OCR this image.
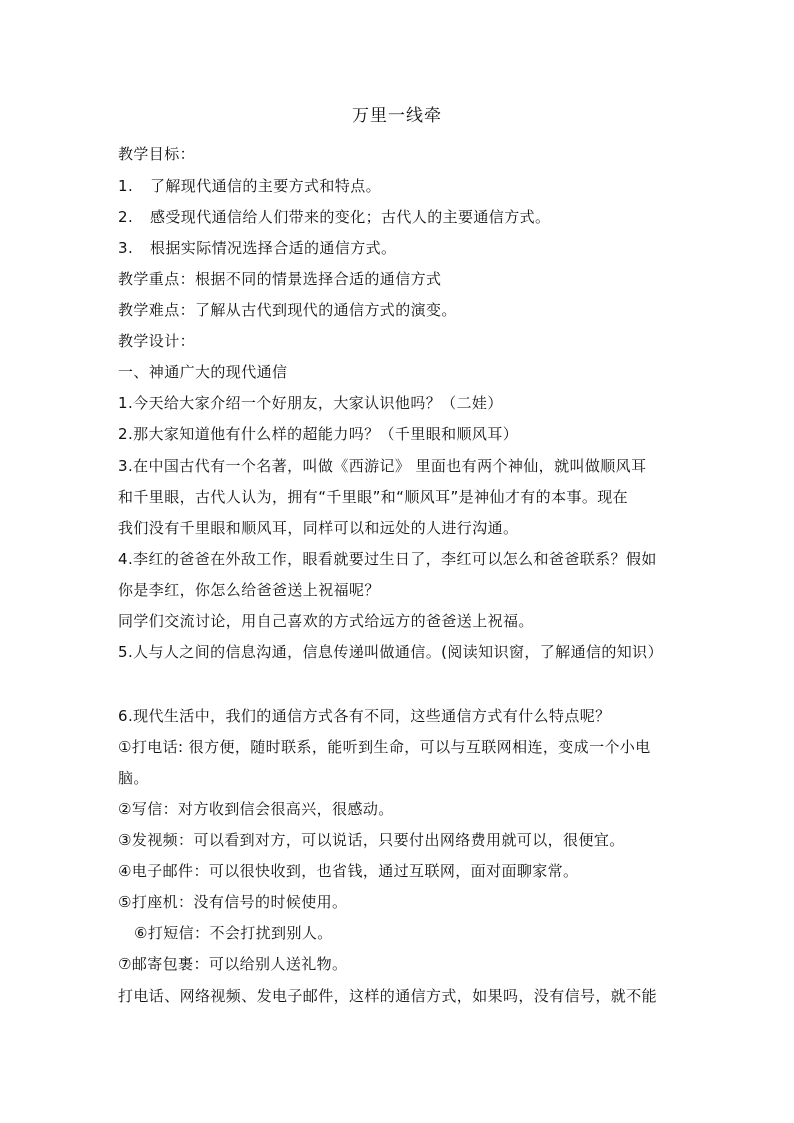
万里一线牵
教学目标：
1. 了解现代通信的主要方式和特点。
2. 感受现代通信给人们带来的变化；古代人的主要通信方式。
3. 根据实际情况选择合适的通信方式。
教学重点：根据不同的情景选择合适的通信方式
教学难点：了解从古代到现代的通信方式的演变。
教学设计：
一、神通广大的现代通信
1.今天给大家介绍一个好朋友，大家认识他吗？（二娃）
2.那大家知道他有什么样的超能力吗？（千里眼和顺风耳）
3.在中国古代有一个名著，叫做《西游记》 里面也有两个神仙，就叫做顺风耳
和千里眼，古代人认为，拥有“千里眼”和“顺风耳”是神仙才有的本事。现在
我们没有千里眼和顺风耳，同样可以和远处的人进行沟通。
4.李红的爸爸在外敌工作，眼看就要过生日了，李红可以怎么和爸爸联系？假如
你是李红，你怎么给爸爸送上祝福呢？
同学们交流讨论，用自己喜欢的方式给远方的爸爸送上祝福。
5.人与人之间的信息沟通，信息传递叫做通信。(阅读知识窗，了解通信的知识）
6.现代生活中，我们的通信方式各有不同，这些通信方式有什么特点呢？
①打电话: 很方便，随时联系，能听到生命，可以与互联网相连，变成一个小电
脑。
②写信：对方收到信会很高兴，很感动。
③发视频：可以看到对方，可以说话，只要付出网络费用就可以，很便宜。
④电子邮件：可以很快收到，也省钱，通过互联网，面对面聊家常。
⑤打座机：没有信号的时候使用。
⑥打短信：不会打扰到别人。
⑦邮寄包裹：可以给别人送礼物。
打电话、网络视频、发电子邮件，这样的通信方式，如果吗，没有信号，就不能
